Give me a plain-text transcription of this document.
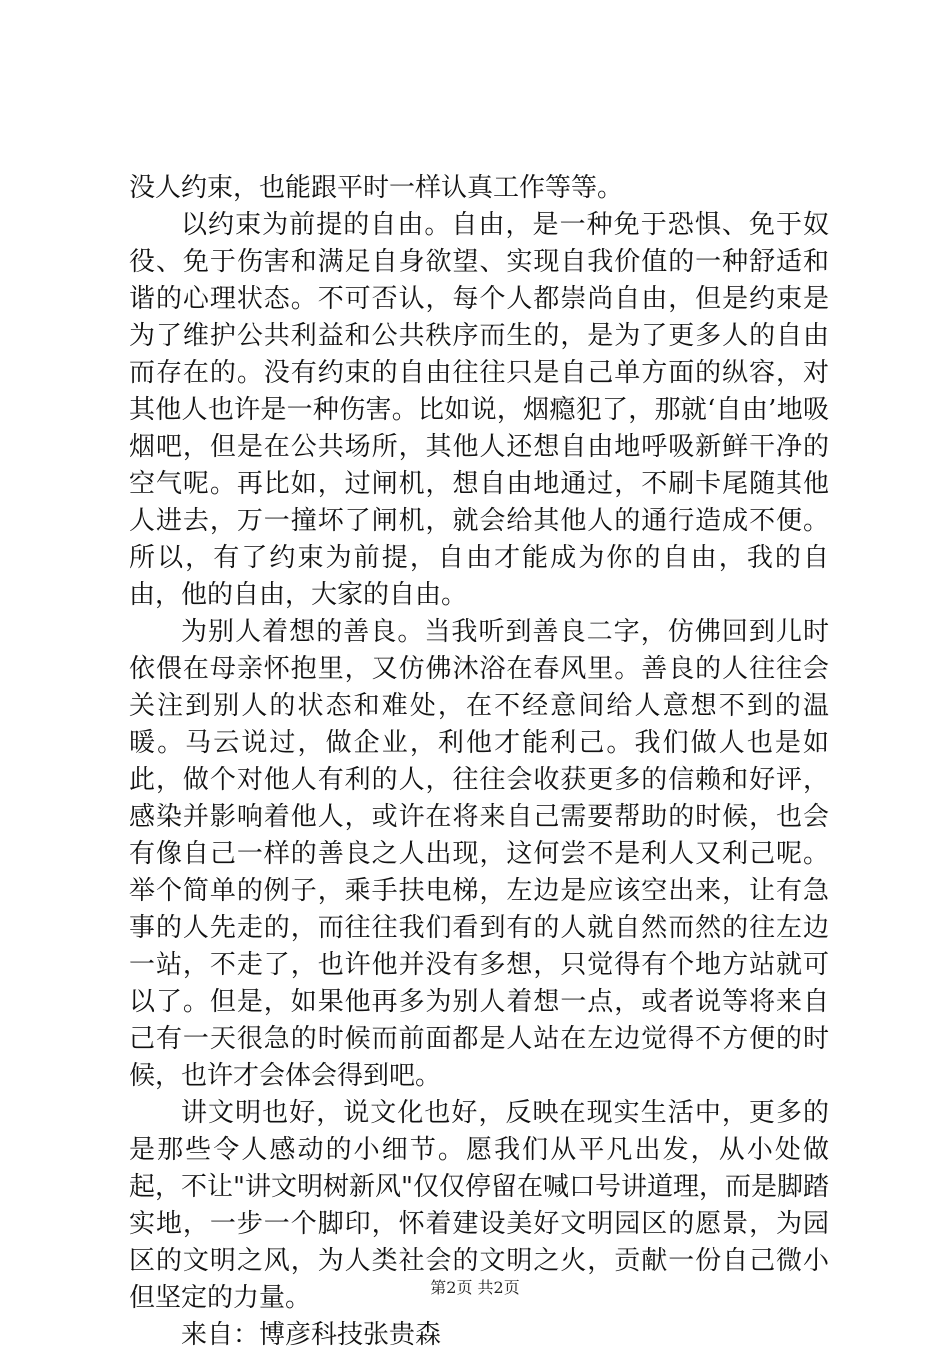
没人约束，也能跟平时一样认真工作等等。

以约束为前提的自由。自由，是一种免于恐惧、免于奴役、免于伤害和满足自身欲望、实现自我价值的一种舒适和谐的心理状态。不可否认，每个人都崇尚自由，但是约束是为了维护公共利益和公共秩序而生的，是为了更多人的自由而存在的。没有约束的自由往往只是自己单方面的纵容，对其他人也许是一种伤害。比如说，烟瘾犯了，那就‘自由’地吸烟吧，但是在公共场所，其他人还想自由地呼吸新鲜干净的空气呢。再比如，过闸机，想自由地通过，不刷卡尾随其他人进去，万一撞坏了闸机，就会给其他人的通行造成不便。所以，有了约束为前提，自由才能成为你的自由，我的自由，他的自由，大家的自由。

为别人着想的善良。当我听到善良二字，仿佛回到儿时依偎在母亲怀抱里，又仿佛沐浴在春风里。善良的人往往会关注到别人的状态和难处，在不经意间给人意想不到的温暖。马云说过，做企业，利他才能利己。我们做人也是如此，做个对他人有利的人，往往会收获更多的信赖和好评，感染并影响着他人，或许在将来自己需要帮助的时候，也会有像自己一样的善良之人出现，这何尝不是利人又利己呢。举个简单的例子，乘手扶电梯，左边是应该空出来，让有急事的人先走的，而往往我们看到有的人就自然而然的往左边一站，不走了，也许他并没有多想，只觉得有个地方站就可以了。但是，如果他再多为别人着想一点，或者说等将来自己有一天很急的时候而前面都是人站在左边觉得不方便的时候，也许才会体会得到吧。

讲文明也好，说文化也好，反映在现实生活中，更多的是那些令人感动的小细节。愿我们从平凡出发，从小处做起，不让"讲文明树新风"仅仅停留在喊口号讲道理，而是脚踏实地，一步一个脚印，怀着建设美好文明园区的愿景，为园区的文明之风，为人类社会的文明之火，贡献一份自己微小但坚定的力量。

来自：博彦科技张贵森

第2页 共2页
